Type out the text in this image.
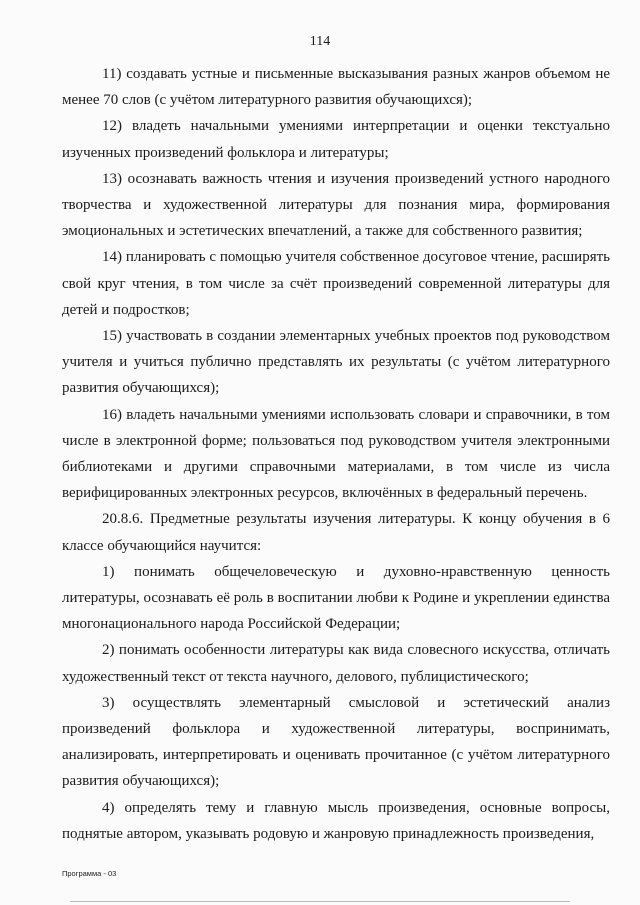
114

11) создавать устные и письменные высказывания разных жанров объемом не менее 70 слов (с учётом литературного развития обучающихся);

12) владеть начальными умениями интерпретации и оценки текстуально изученных произведений фольклора и литературы;

13) осознавать важность чтения и изучения произведений устного народного творчества и художественной литературы для познания мира, формирования эмоциональных и эстетических впечатлений, а также для собственного развития;

14) планировать с помощью учителя собственное досуговое чтение, расширять свой круг чтения, в том числе за счёт произведений современной литературы для детей и подростков;

15) участвовать в создании элементарных учебных проектов под руководством учителя и учиться публично представлять их результаты (с учётом литературного развития обучающихся);

16) владеть начальными умениями использовать словари и справочники, в том числе в электронной форме; пользоваться под руководством учителя электронными библиотеками и другими справочными материалами, в том числе из числа верифицированных электронных ресурсов, включённых в федеральный перечень.

20.8.6. Предметные результаты изучения литературы. К концу обучения в 6 классе обучающийся научится:

1) понимать общечеловеческую и духовно-нравственную ценность литературы, осознавать её роль в воспитании любви к Родине и укреплении единства многонационального народа Российской Федерации;

2) понимать особенности литературы как вида словесного искусства, отличать художественный текст от текста научного, делового, публицистического;

3) осуществлять элементарный смысловой и эстетический анализ произведений фольклора и художественной литературы, воспринимать, анализировать, интерпретировать и оценивать прочитанное (с учётом литературного развития обучающихся);

4) определять тему и главную мысль произведения, основные вопросы, поднятые автором, указывать родовую и жанровую принадлежность произведения,

Программа - 03
